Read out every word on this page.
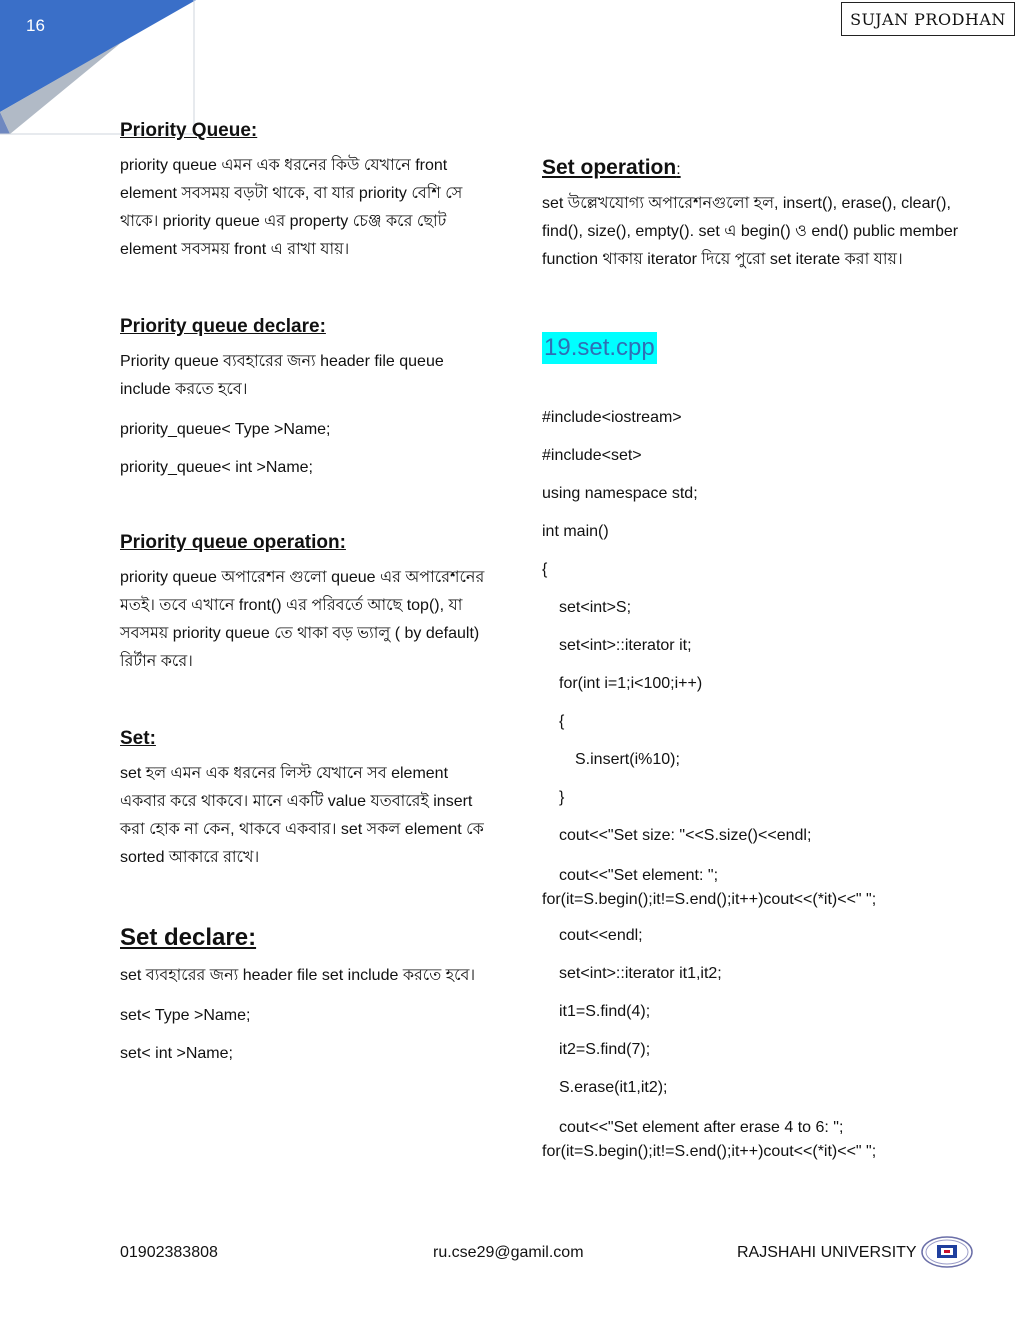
16	SUJAN PRODHAN
Priority Queue:

priority queue এমন এক ধরনের কিউ যেখানে front element সবসময় বড়টা থাকে, বা যার priority বেশি সে থাকে। priority queue এর property চেঞ্জ করে ছোট element সবসময় front এ রাখা যায়।

Priority queue declare:

Priority queue ব্যবহারের জন্য header file queue include করতে হবে।

priority_queue< Type >Name;

priority_queue< int >Name;

Priority queue operation:

priority queue অপারেশন গুলো queue এর অপারেশনের মতই। তবে এখানে front() এর পরিবর্তে আছে top(), যা সবসময় priority queue তে থাকা বড় ভ্যালু ( by default) রির্টান করে।

Set:

set হল এমন এক ধরনের লিস্ট যেখানে সব element একবার করে থাকবে। মানে একটি value যতবারেই insert করা হোক না কেন, থাকবে একবার। set সকল element কে sorted আকারে রাখে।

Set declare:

set ব্যবহারের জন্য header file set include করতে হবে।

set< Type >Name;

set< int >Name;

Set operation:

set উল্লেখযোগ্য অপারেশনগুলো হল, insert(), erase(), clear(), find(), size(), empty(). set এ begin() ও end() public member function থাকায় iterator দিয়ে পুরো set iterate করা যায়।

19.set.cpp
#include<iostream>
#include<set>
using namespace std;
int main()
{
set<int>S;
set<int>::iterator it;
for(int i=1;i<100;i++)
{
S.insert(i%10);
}
cout<<"Set size: "<<S.size()<<endl;

cout<<"Set element: ";

for(it=S.begin();it!=S.end();it++)cout<<(*it)<<" ";

cout<<endl;
set<int>::iterator it1,it2;
it1=S.find(4);
it2=S.find(7);
S.erase(it1,it2);

cout<<"Set element after erase 4 to 6: ";

for(it=S.begin();it!=S.end();it++)cout<<(*it)<<" ";

01902383808	ru.cse29@gamil.com	RAJSHAHI UNIVERSITY
